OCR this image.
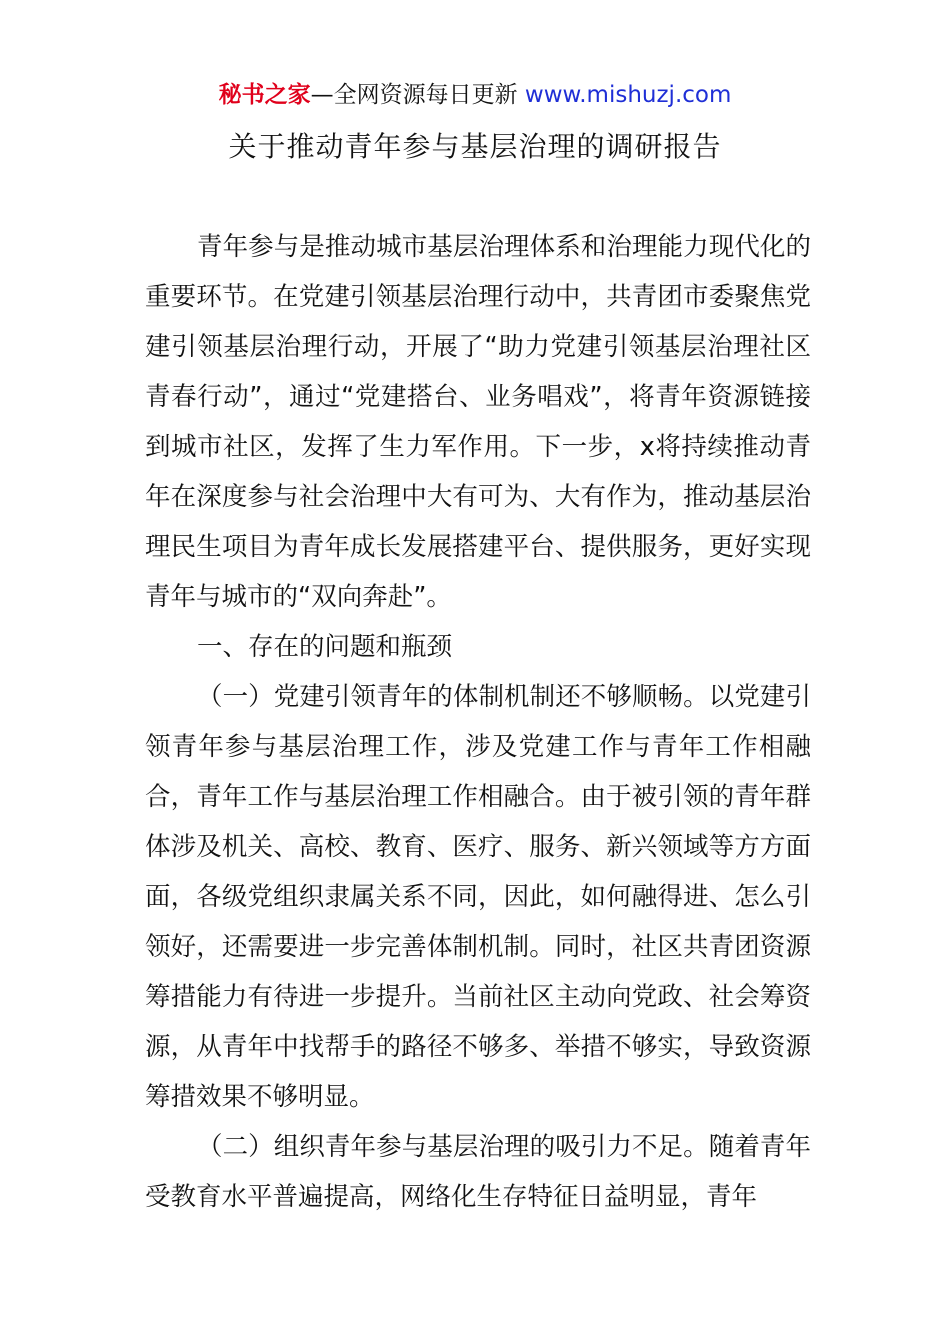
秘书之家—全网资源每日更新 www.mishuzj.com
关于推动青年参与基层治理的调研报告

青年参与是推动城市基层治理体系和治理能力现代化的重要环节。在党建引领基层治理行动中，共青团市委聚焦党建引领基层治理行动，开展了“助力党建引领基层治理社区青春行动”，通过“党建搭台、业务唱戏”，将青年资源链接到城市社区，发挥了生力军作用。下一步，x将持续推动青年在深度参与社会治理中大有可为、大有作为，推动基层治理民生项目为青年成长发展搭建平台、提供服务，更好实现青年与城市的“双向奔赴”。

一、存在的问题和瓶颈

（一）党建引领青年的体制机制还不够顺畅。以党建引领青年参与基层治理工作，涉及党建工作与青年工作相融合，青年工作与基层治理工作相融合。由于被引领的青年群体涉及机关、高校、教育、医疗、服务、新兴领域等方方面面，各级党组织隶属关系不同，因此，如何融得进、怎么引领好，还需要进一步完善体制机制。同时，社区共青团资源筹措能力有待进一步提升。当前社区主动向党政、社会筹资源，从青年中找帮手的路径不够多、举措不够实，导致资源筹措效果不够明显。

（二）组织青年参与基层治理的吸引力不足。随着青年受教育水平普遍提高，网络化生存特征日益明显，青年
